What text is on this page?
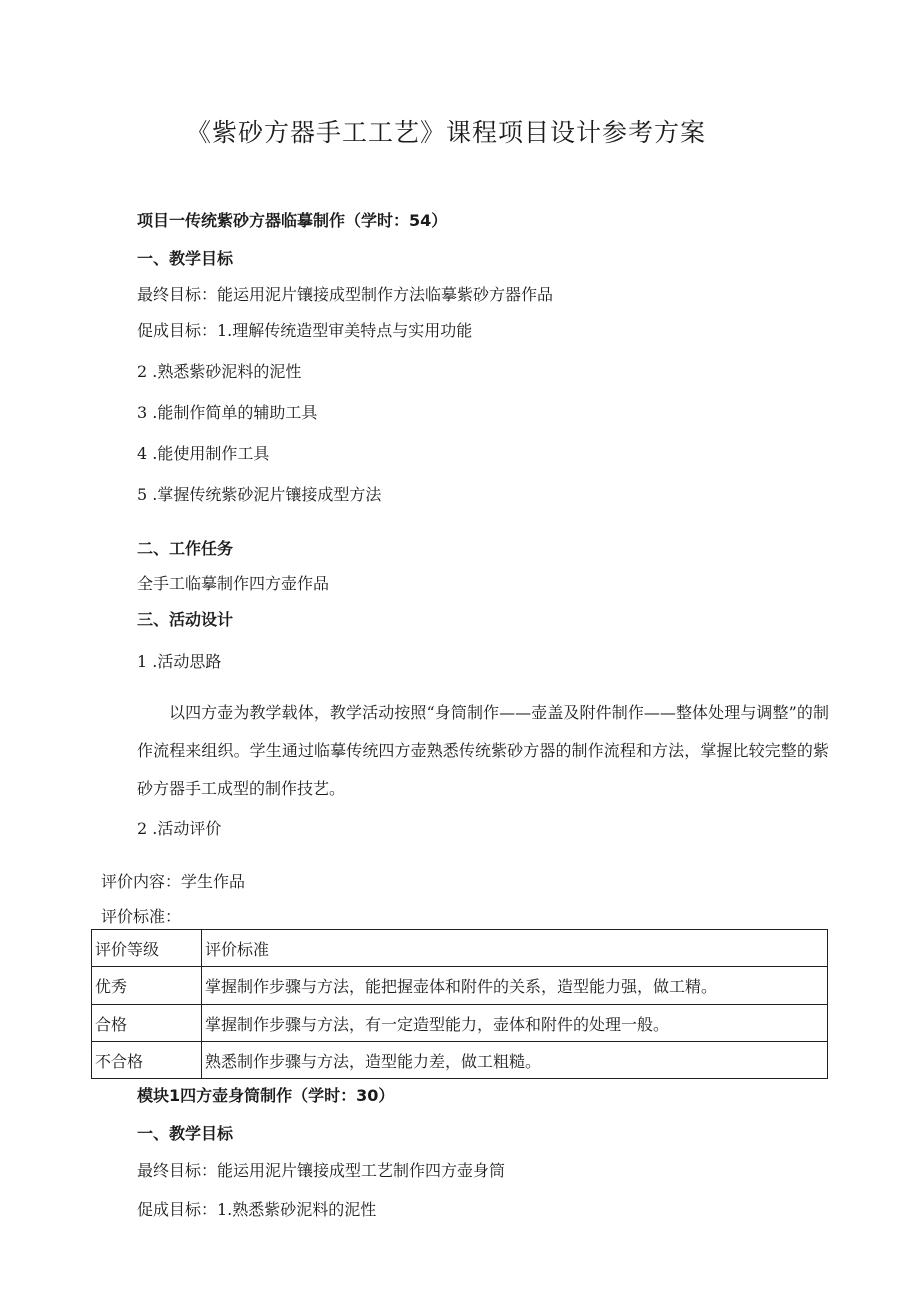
《紫砂方器手工工艺》课程项目设计参考方案
项目一传统紫砂方器临摹制作（学时：54）
一、教学目标
最终目标：能运用泥片镶接成型制作方法临摹紫砂方器作品
促成目标：1.理解传统造型审美特点与实用功能
2 .熟悉紫砂泥料的泥性
3 .能制作简单的辅助工具
4 .能使用制作工具
5 .掌握传统紫砂泥片镶接成型方法
二、工作任务
全手工临摹制作四方壶作品
三、活动设计
1 .活动思路
以四方壶为教学载体，教学活动按照“身筒制作——壶盖及附件制作——整体处理与调整”的制作流程来组织。学生通过临摹传统四方壶熟悉传统紫砂方器的制作流程和方法，掌握比较完整的紫砂方器手工成型的制作技艺。
2 .活动评价
评价内容：学生作品
评价标准：
评价等级	评价标准
优秀	掌握制作步骤与方法，能把握壶体和附件的关系，造型能力强，做工精。
合格	掌握制作步骤与方法，有一定造型能力，壶体和附件的处理一般。
不合格	熟悉制作步骤与方法，造型能力差，做工粗糙。
模块1四方壶身筒制作（学时：30）
一、教学目标
最终目标：能运用泥片镶接成型工艺制作四方壶身筒
促成目标：1.熟悉紫砂泥料的泥性
